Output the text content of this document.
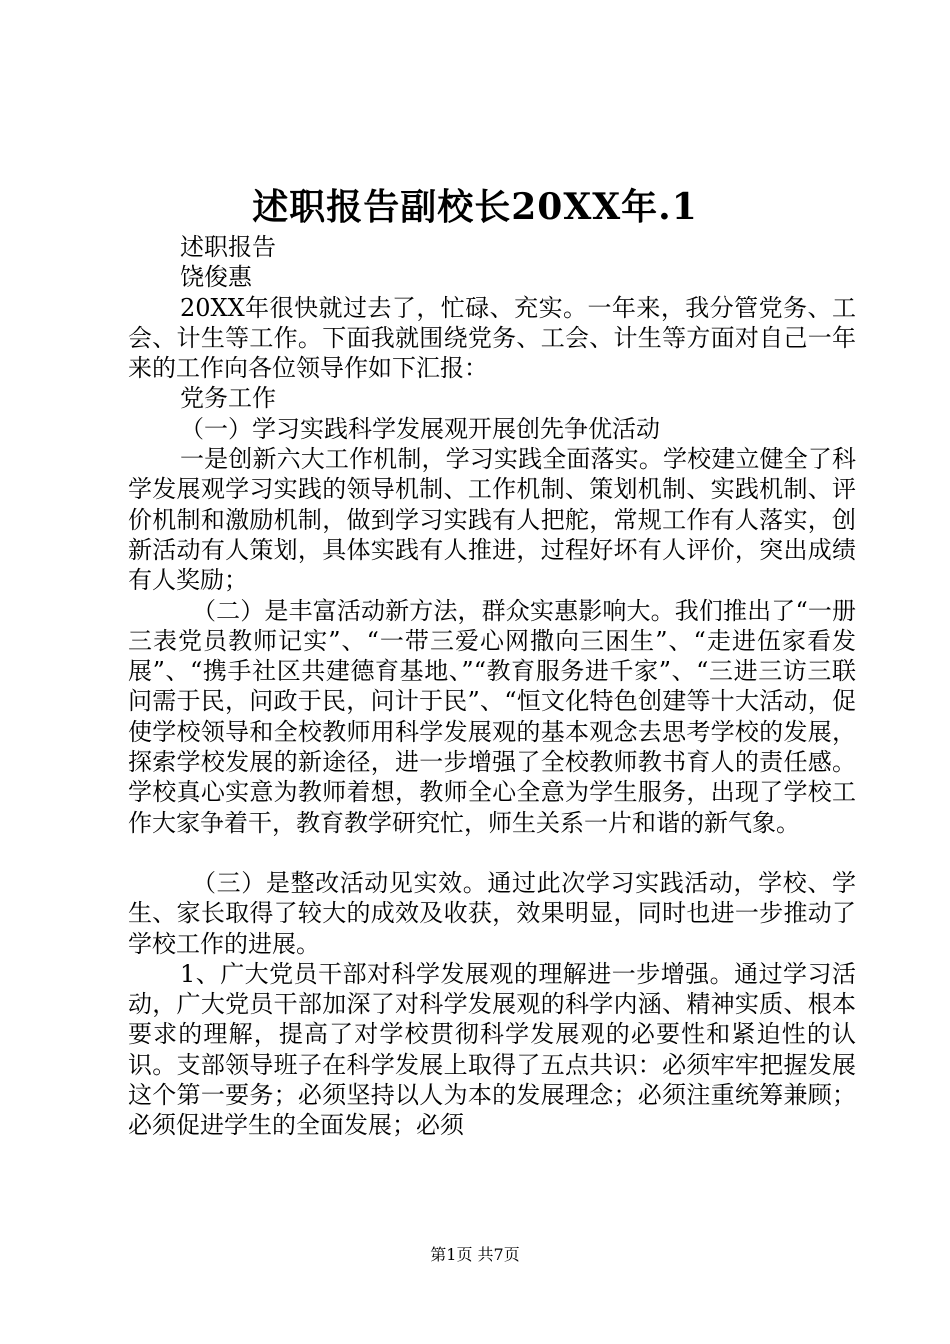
述职报告副校长20XX年.1

述职报告

饶俊惠

20XX年很快就过去了，忙碌、充实。一年来，我分管党务、工会、计生等工作。下面我就围绕党务、工会、计生等方面对自己一年来的工作向各位领导作如下汇报：

党务工作

（一）学习实践科学发展观开展创先争优活动

一是创新六大工作机制，学习实践全面落实。学校建立健全了科学发展观学习实践的领导机制、工作机制、策划机制、实践机制、评价机制和激励机制，做到学习实践有人把舵，常规工作有人落实，创新活动有人策划，具体实践有人推进，过程好坏有人评价，突出成绩有人奖励；

（二）是丰富活动新方法，群众实惠影响大。我们推出了“一册三表党员教师记实”、“一带三爱心网撒向三困生”、“走进伍家看发展”、“携手社区共建德育基地、”“教育服务进千家”、“三进三访三联问需于民，问政于民，问计于民”、“恒文化特色创建等十大活动，促使学校领导和全校教师用科学发展观的基本观念去思考学校的发展，探索学校发展的新途径，进一步增强了全校教师教书育人的责任感。学校真心实意为教师着想，教师全心全意为学生服务，出现了学校工作大家争着干，教育教学研究忙，师生关系一片和谐的新气象。

（三）是整改活动见实效。通过此次学习实践活动，学校、学生、家长取得了较大的成效及收获，效果明显，同时也进一步推动了学校工作的进展。

1、广大党员干部对科学发展观的理解进一步增强。通过学习活动，广大党员干部加深了对科学发展观的科学内涵、精神实质、根本要求的理解，提高了对学校贯彻科学发展观的必要性和紧迫性的认识。支部领导班子在科学发展上取得了五点共识：必须牢牢把握发展这个第一要务；必须坚持以人为本的发展理念；必须注重统筹兼顾；必须促进学生的全面发展；必须

第1页 共7页
